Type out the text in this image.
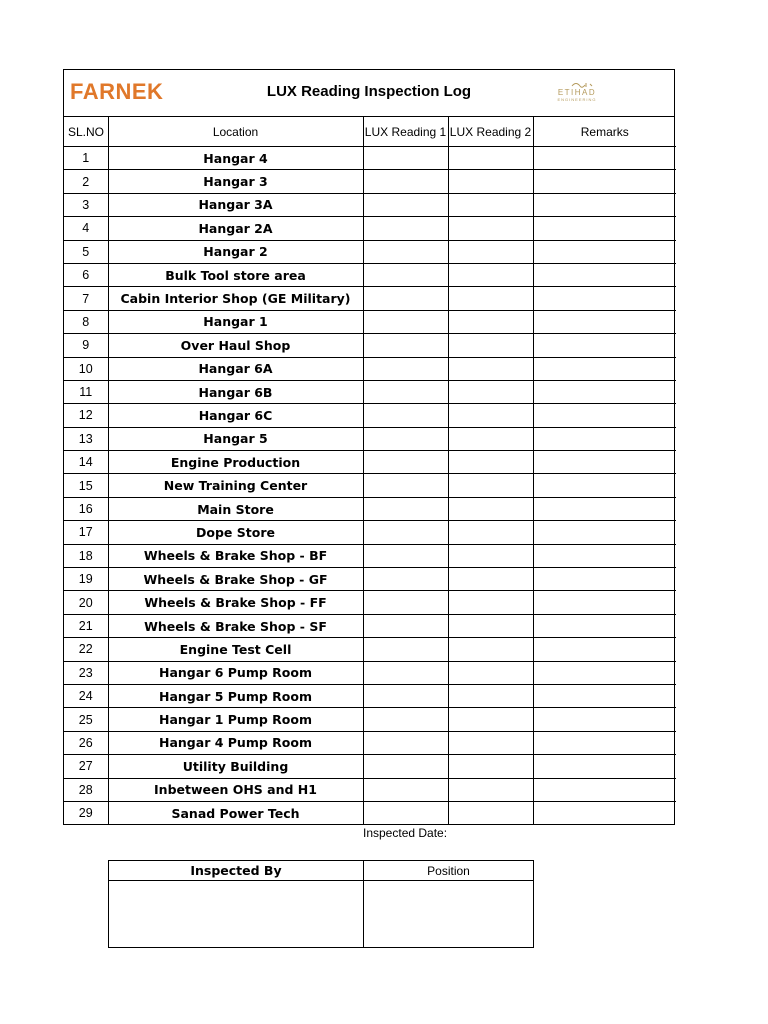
FARNEK	LUX Reading Inspection Log	ETIHAD
ENGINEERING
SL.NO	Location	LUX Reading 1	LUX Reading 2	Remarks
1	Hangar 4			
2	Hangar 3			
3	Hangar 3A			
4	Hangar 2A			
5	Hangar 2			
6	Bulk Tool store area			
7	Cabin Interior Shop (GE Military)			
8	Hangar 1			
9	Over Haul Shop			
10	Hangar 6A			
11	Hangar 6B			
12	Hangar 6C			
13	Hangar 5			
14	Engine Production			
15	New Training Center			
16	Main Store			
17	Dope Store			
18	Wheels & Brake Shop - BF			
19	Wheels & Brake Shop - GF			
20	Wheels & Brake Shop - FF			
21	Wheels & Brake Shop - SF			
22	Engine Test Cell			
23	Hangar 6 Pump Room			
24	Hangar 5 Pump Room			
25	Hangar 1 Pump Room			
26	Hangar 4 Pump Room			
27	Utility Building			
28	Inbetween OHS and H1			
29	Sanad Power Tech			
Inspected Date:
Inspected By	Position
